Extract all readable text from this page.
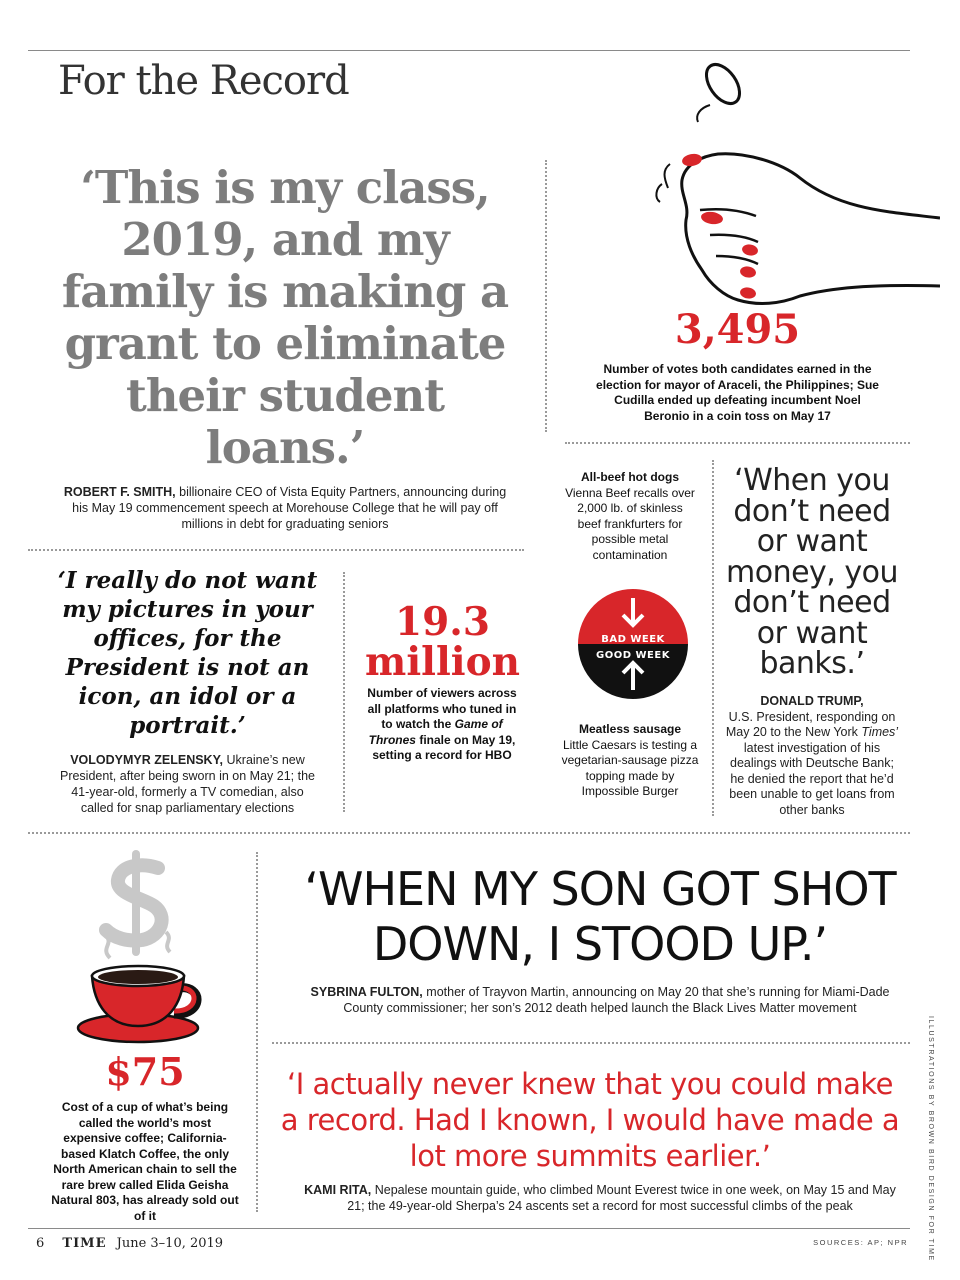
For the Record
‘This is my class, 2019, and my family is making a grant to eliminate their student loans.’
ROBERT F. SMITH, billionaire CEO of Vista Equity Partners, announcing during his May 19 commencement speech at Morehouse College that he will pay off millions in debt for graduating seniors
3,495
Number of votes both candidates earned in the election for mayor of Araceli, the Philippines; Sue Cudilla ended up defeating incumbent Noel Beronio in a coin toss on May 17
‘I really do not want my pictures in your offices, for the President is not an icon, an idol or a portrait.’
VOLODYMYR ZELENSKY, Ukraine’s new President, after being sworn in on May 21; the 41-year-old, formerly a TV comedian, also called for snap parliamentary elections
19.3
million
Number of viewers across all platforms who tuned in to watch the Game of Thrones finale on May 19, setting a record for HBO
All-beef hot dogs
Vienna Beef recalls over 2,000 lb. of skinless beef frankfurters for possible metal contamination
BAD WEEK
GOOD WEEK
Meatless sausage
Little Caesars is testing a vegetarian-sausage pizza topping made by Impossible Burger
‘When you don’t need or want money, you don’t need or want banks.’
DONALD TRUMP,
U.S. President, responding on May 20 to the New York Times’ latest investigation of his dealings with Deutsche Bank; he denied the report that he’d been unable to get loans from other banks
$75
Cost of a cup of what’s being called the world’s most expensive coffee; California-based Klatch Coffee, the only North American chain to sell the rare brew called Elida Geisha Natural 803, has already sold out of it
‘WHEN MY SON GOT SHOT DOWN, I STOOD UP.’
SYBRINA FULTON, mother of Trayvon Martin, announcing on May 20 that she’s running for Miami-Dade County commissioner; her son’s 2012 death helped launch the Black Lives Matter movement
‘I actually never knew that you could make a record. Had I known, I would have made a lot more summits earlier.’
KAMI RITA, Nepalese mountain guide, who climbed Mount Everest twice in one week, on May 15 and May 21; the 49-year-old Sherpa’s 24 ascents set a record for most successful climbs of the peak	ILLUSTRATIONS BY BROWN BIRD DESIGN FOR TIME
6 TIME June 3–10, 2019	SOURCES: AP; NPR
